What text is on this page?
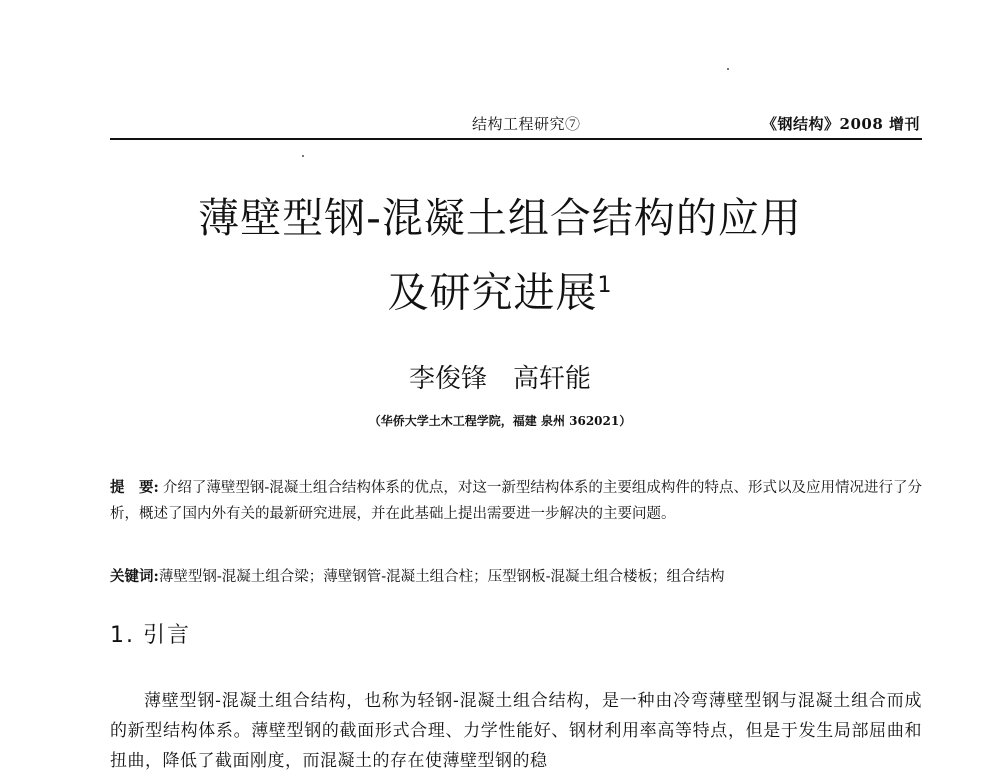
结构工程研究⑦	《钢结构》2008 增刊
薄壁型钢-混凝土组合结构的应用
及研究进展$^1$
李俊锋　高轩能
（华侨大学土木工程学院，福建 泉州 362021）
提　要: 介绍了薄壁型钢-混凝土组合结构体系的优点，对这一新型结构体系的主要组成构件的特点、形式以及应用情况进行了分析，概述了国内外有关的最新研究进展，并在此基础上提出需要进一步解决的主要问题。
关键词:薄壁型钢-混凝土组合梁；薄壁钢管-混凝土组合柱；压型钢板-混凝土组合楼板；组合结构
1. 引言
薄壁型钢-混凝土组合结构，也称为轻钢-混凝土组合结构，是一种由冷弯薄壁型钢与混凝土组合而成的新型结构体系。薄壁型钢的截面形式合理、力学性能好、钢材利用率高等特点，但是于发生局部屈曲和扭曲，降低了截面刚度，而混凝土的存在使薄壁型钢的稳
